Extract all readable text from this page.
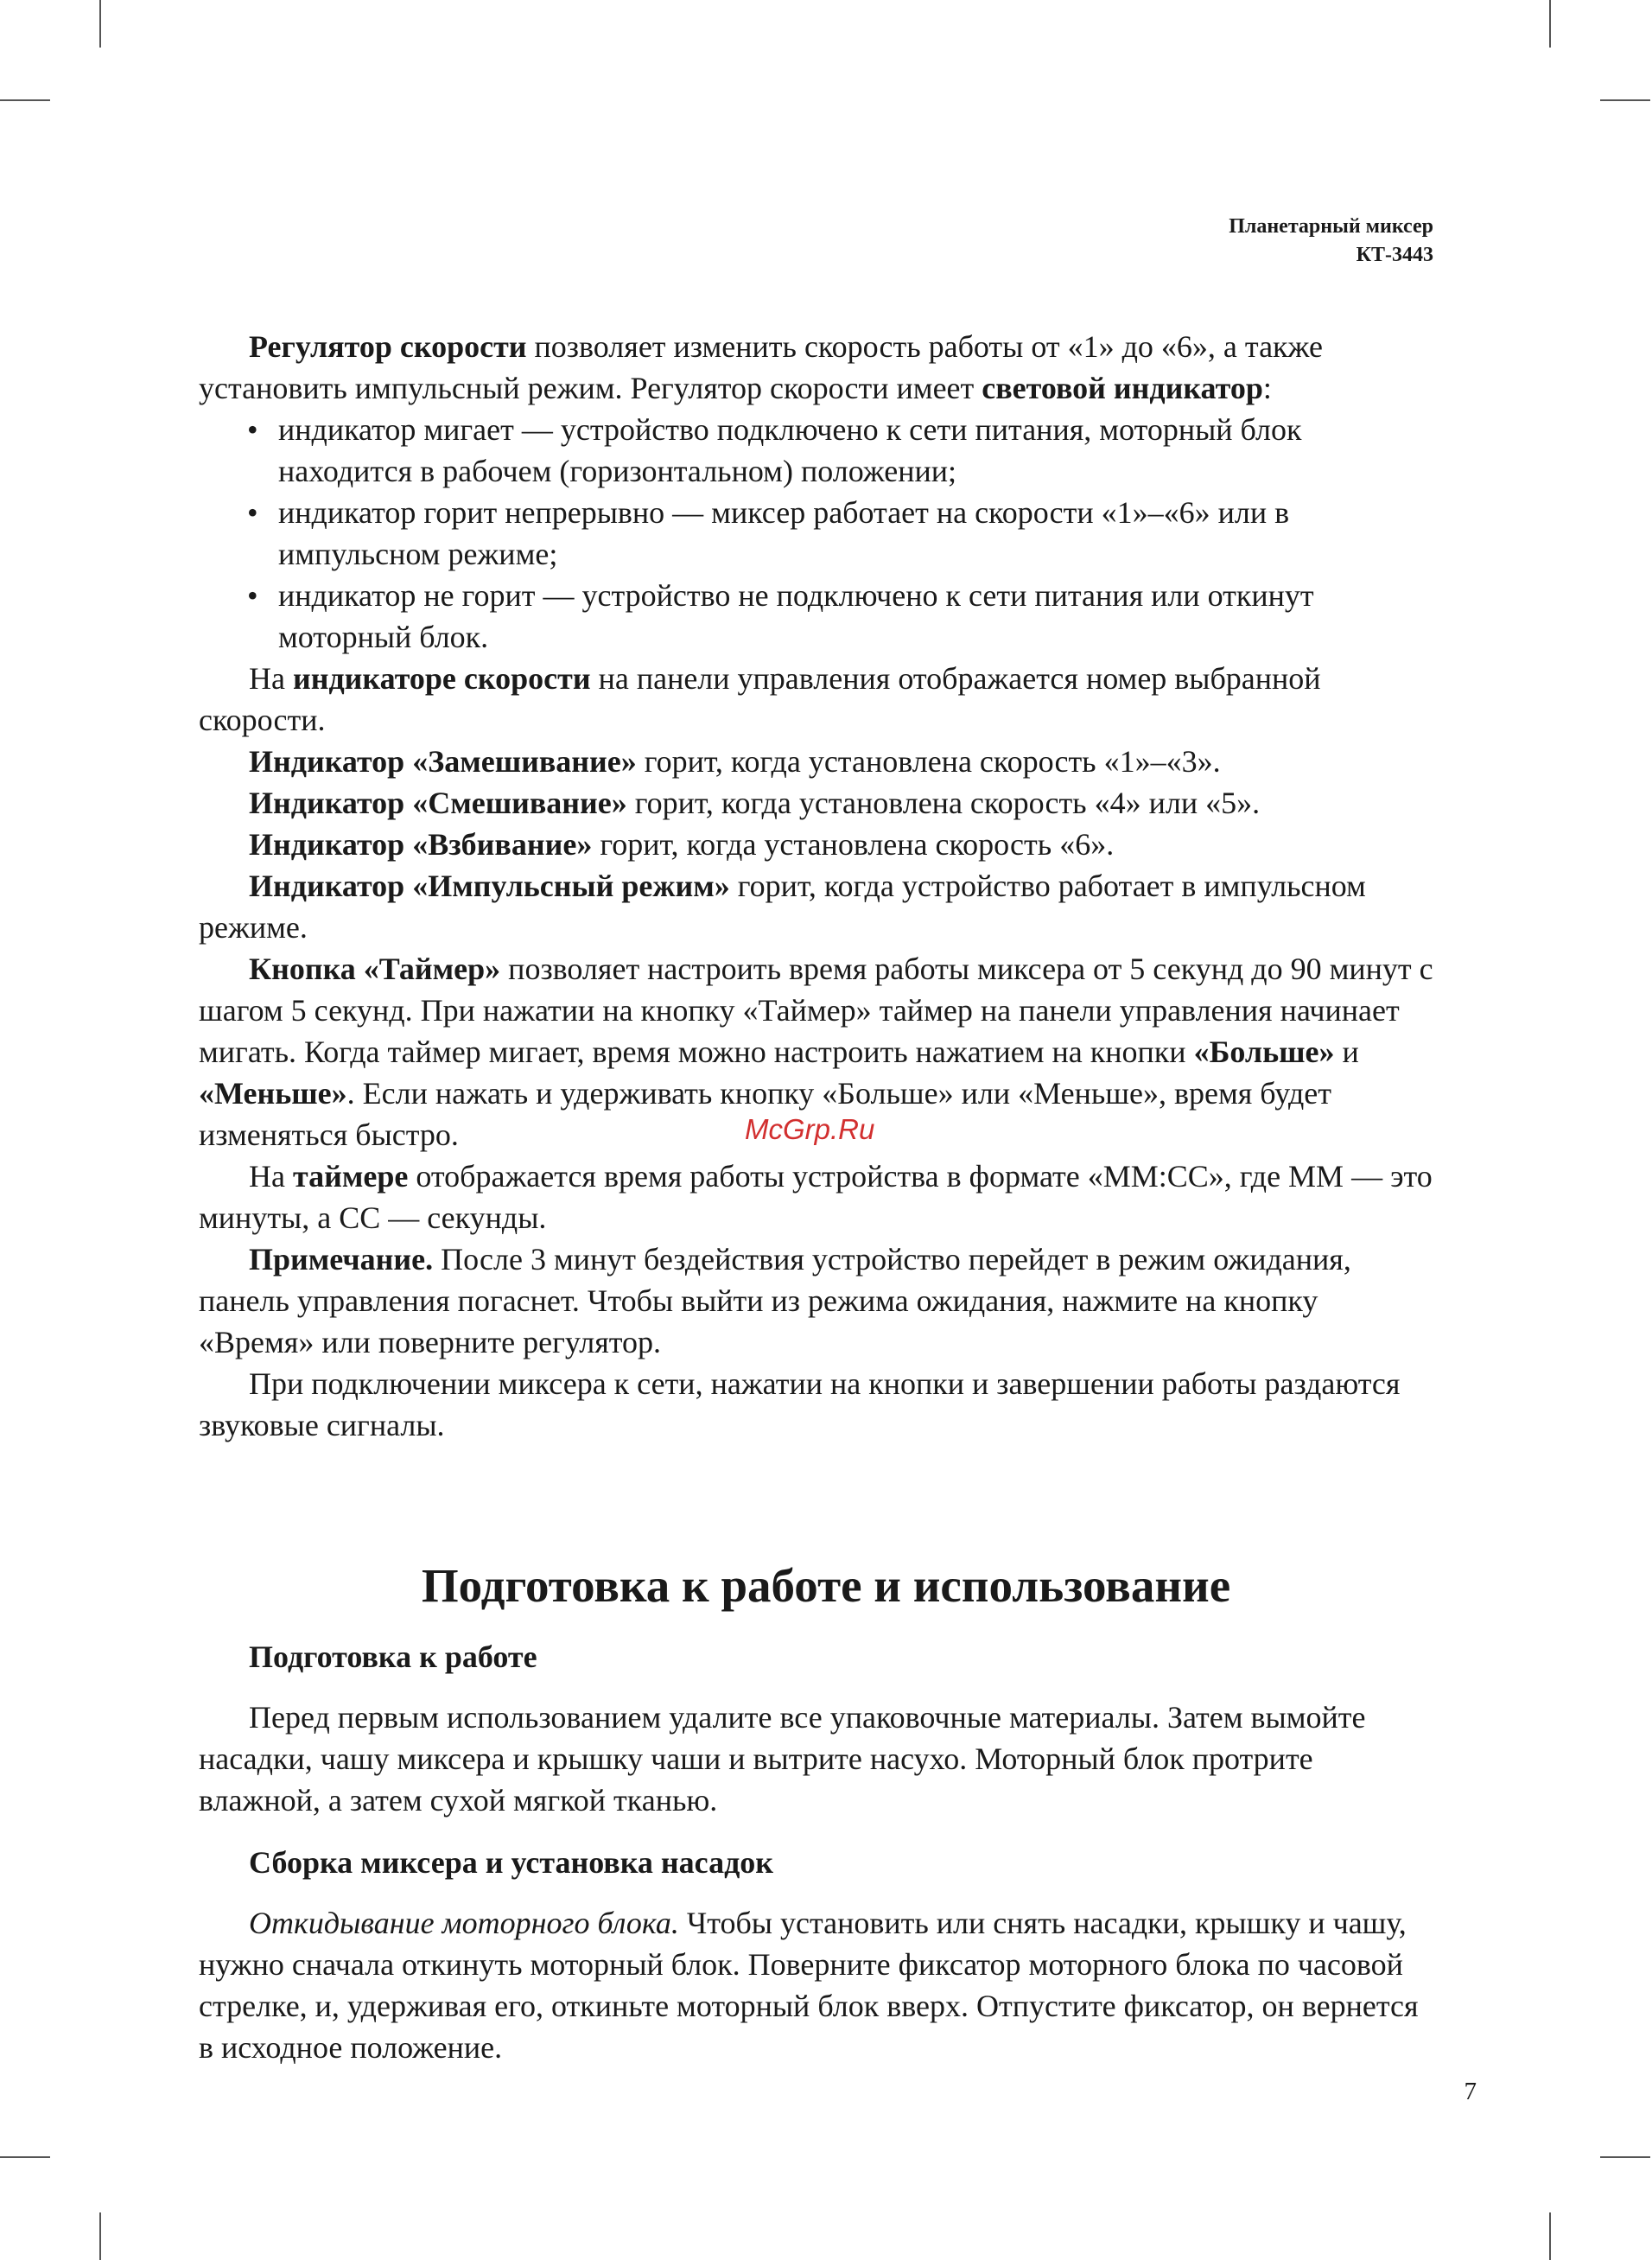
Планетарный миксер
КТ-3443

Регулятор скорости позволяет изменить скорость работы от «1» до «6», а также установить импульсный режим. Регулятор скорости имеет световой индикатор:

• индикатор мигает — устройство подключено к сети питания, моторный блок находится в рабочем (горизонтальном) положении;
• индикатор горит непрерывно — миксер работает на скорости «1»–«6» или в импульсном режиме;
• индикатор не горит — устройство не подключено к сети питания или откинут моторный блок.

На индикаторе скорости на панели управления отображается номер выбранной скорости.

Индикатор «Замешивание» горит, когда установлена скорость «1»–«3».

Индикатор «Смешивание» горит, когда установлена скорость «4» или «5».

Индикатор «Взбивание» горит, когда установлена скорость «6».

Индикатор «Импульсный режим» горит, когда устройство работает в импульсном режиме.

Кнопка «Таймер» позволяет настроить время работы миксера от 5 секунд до 90 минут с шагом 5 секунд. При нажатии на кнопку «Таймер» таймер на панели управления начинает мигать. Когда таймер мигает, время можно настроить нажатием на кнопки «Больше» и «Меньше». Если нажать и удерживать кнопку «Больше» или «Меньше», время будет изменяться быстро.

На таймере отображается время работы устройства в формате «ММ:СС», где ММ — это минуты, а СС — секунды.

Примечание. После 3 минут бездействия устройство перейдет в режим ожидания, панель управления погаснет. Чтобы выйти из режима ожидания, нажмите на кнопку «Время» или поверните регулятор.

При подключении миксера к сети, нажатии на кнопки и завершении работы раздаются звуковые сигналы.

McGrp.Ru
Подготовка к работе и использование
Подготовка к работе

Перед первым использованием удалите все упаковочные материалы. Затем вымойте насадки, чашу миксера и крышку чаши и вытрите насухо. Моторный блок протрите влажной, а затем сухой мягкой тканью.

Сборка миксера и установка насадок

Откидывание моторного блока. Чтобы установить или снять насадки, крышку и чашу, нужно сначала откинуть моторный блок. Поверните фиксатор моторного блока по часовой стрелке, и, удерживая его, откиньте моторный блок вверх. Отпустите фиксатор, он вернется в исходное положение.

7
